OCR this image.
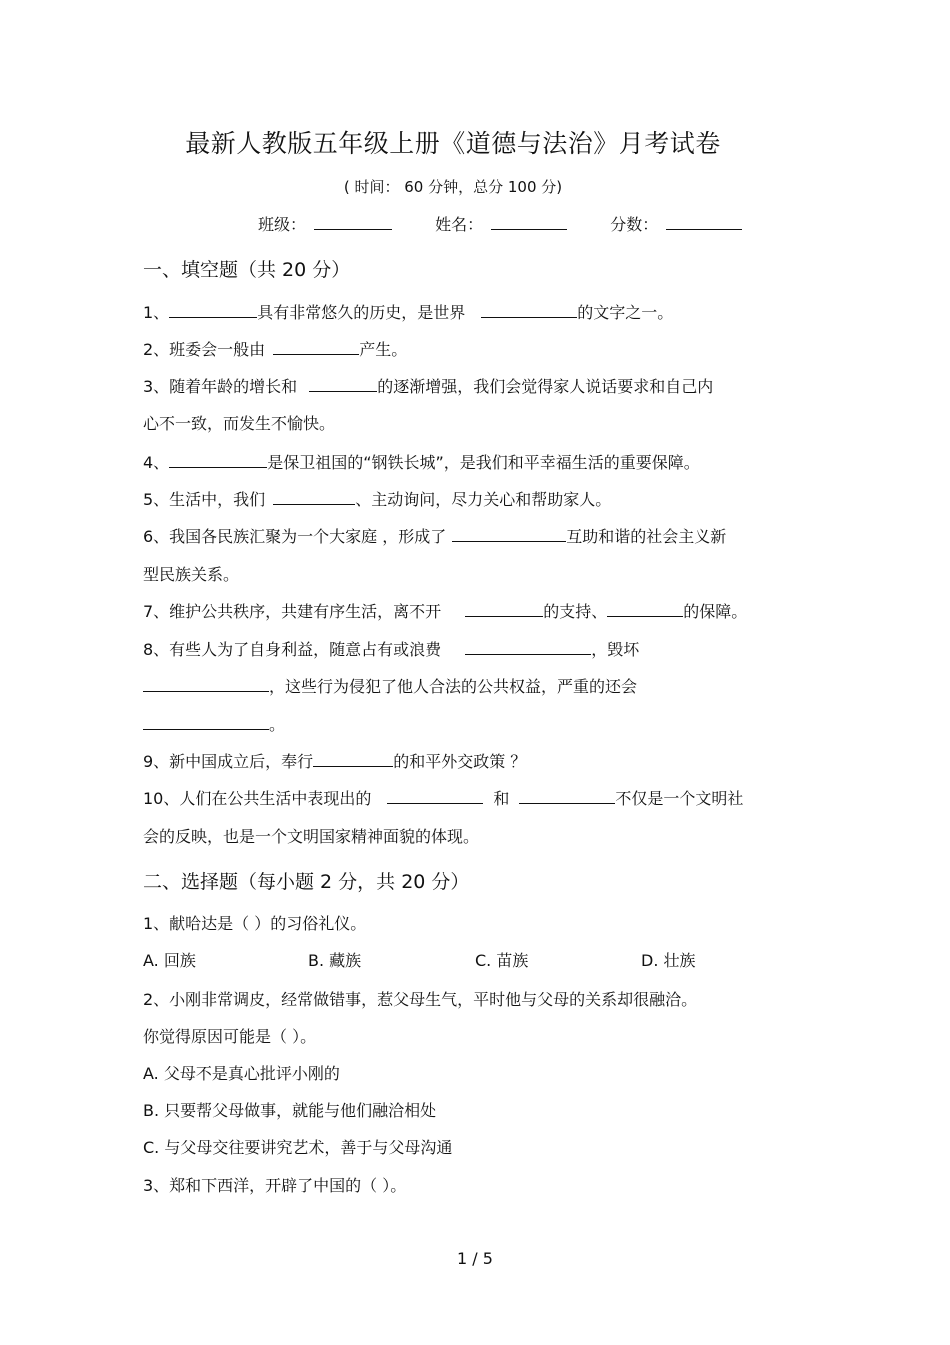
最新人教版五年级上册《道德与法治》月考试卷
( 时间： 60 分钟，总分 100 分)
班级：	姓名：	分数：
一、填空题（共 20 分）
1、	具有非常悠久的历史，是世界	的文字之一。
2、班委会一般由	产生。
3、随着年龄的增长和	的逐渐增强，我们会觉得家人说话要求和自己内
心不一致，而发生不愉快。
4、	是保卫祖国的“钢铁长城”，是我们和平幸福生活的重要保障。
5、生活中，我们	、主动询问，尽力关心和帮助家人。
6、我国各民族汇聚为一个大家庭 ，形成了	互助和谐的社会主义新
型民族关系。
7、维护公共秩序，共建有序生活，离不开	的支持、	的保障。
8、有些人为了自身利益，随意占有或浪费	，毁坏
，这些行为侵犯了他人合法的公共权益，严重的还会
。
9、新中国成立后，奉行	的和平外交政策 ？
10、人们在公共生活中表现出的	和	不仅是一个文明社
会的反映，也是一个文明国家精神面貌的体现。
二、选择题（每小题 2 分，共 20 分）
1、献哈达是（ ）的习俗礼仪。
A. 回族	B. 藏族	C. 苗族	D. 壮族
2、小刚非常调皮，经常做错事，惹父母生气，平时他与父母的关系却很融洽。
你觉得原因可能是（ ）。
A. 父母不是真心批评小刚的
B. 只要帮父母做事，就能与他们融洽相处
C. 与父母交往要讲究艺术，善于与父母沟通
3、郑和下西洋，开辟了中国的（ ）。
1 / 5
